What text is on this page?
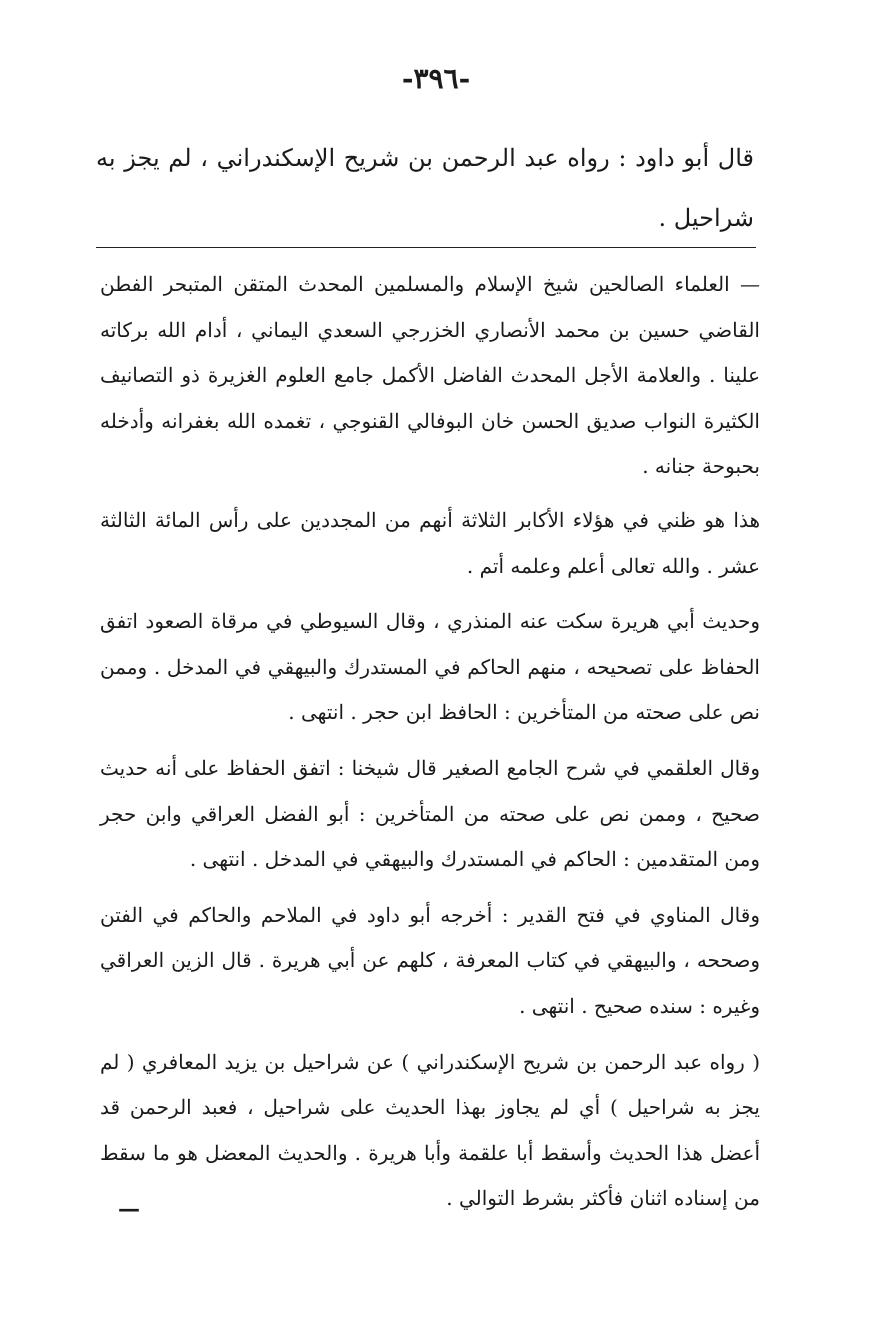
-٣٩٦-
قال أبو داود : رواه عبد الرحمن بن شريح الإسكندراني ، لم يجز به شراحيل .

— العلماء الصالحين شيخ الإسلام والمسلمين المحدث المتقن المتبحر الفطن القاضي حسين بن محمد الأنصاري الخزرجي السعدي اليماني ، أدام الله بركاته علينا . والعلامة الأجل المحدث الفاضل الأكمل جامع العلوم الغزيرة ذو التصانيف الكثيرة النواب صديق الحسن خان البوفالي القنوجي ، تغمده الله بغفرانه وأدخله بحبوحة جنانه .

هذا هو ظني في هؤلاء الأكابر الثلاثة أنهم من المجددين على رأس المائة الثالثة عشر . والله تعالى أعلم وعلمه أتم .

وحديث أبي هريرة سكت عنه المنذري ، وقال السيوطي في مرقاة الصعود اتفق الحفاظ على تصحيحه ، منهم الحاكم في المستدرك والبيهقي في المدخل . وممن نص على صحته من المتأخرين : الحافظ ابن حجر . انتهى .

وقال العلقمي في شرح الجامع الصغير قال شيخنا : اتفق الحفاظ على أنه حديث صحيح ، وممن نص على صحته من المتأخرين : أبو الفضل العراقي وابن حجر ومن المتقدمين : الحاكم في المستدرك والبيهقي في المدخل . انتهى .

وقال المناوي في فتح القدير : أخرجه أبو داود في الملاحم والحاكم في الفتن وصححه ، والبيهقي في كتاب المعرفة ، كلهم عن أبي هريرة . قال الزين العراقي وغيره : سنده صحيح . انتهى .

( رواه عبد الرحمن بن شريح الإسكندراني ) عن شراحيل بن يزيد المعافري ( لم يجز به شراحيل ) أي لم يجاوز بهذا الحديث على شراحيل ، فعبد الرحمن قد أعضل هذا الحديث وأسقط أبا علقمة وأبا هريرة . والحديث المعضل هو ما سقط من إسناده اثنان فأكثر بشرط التوالي .

—
